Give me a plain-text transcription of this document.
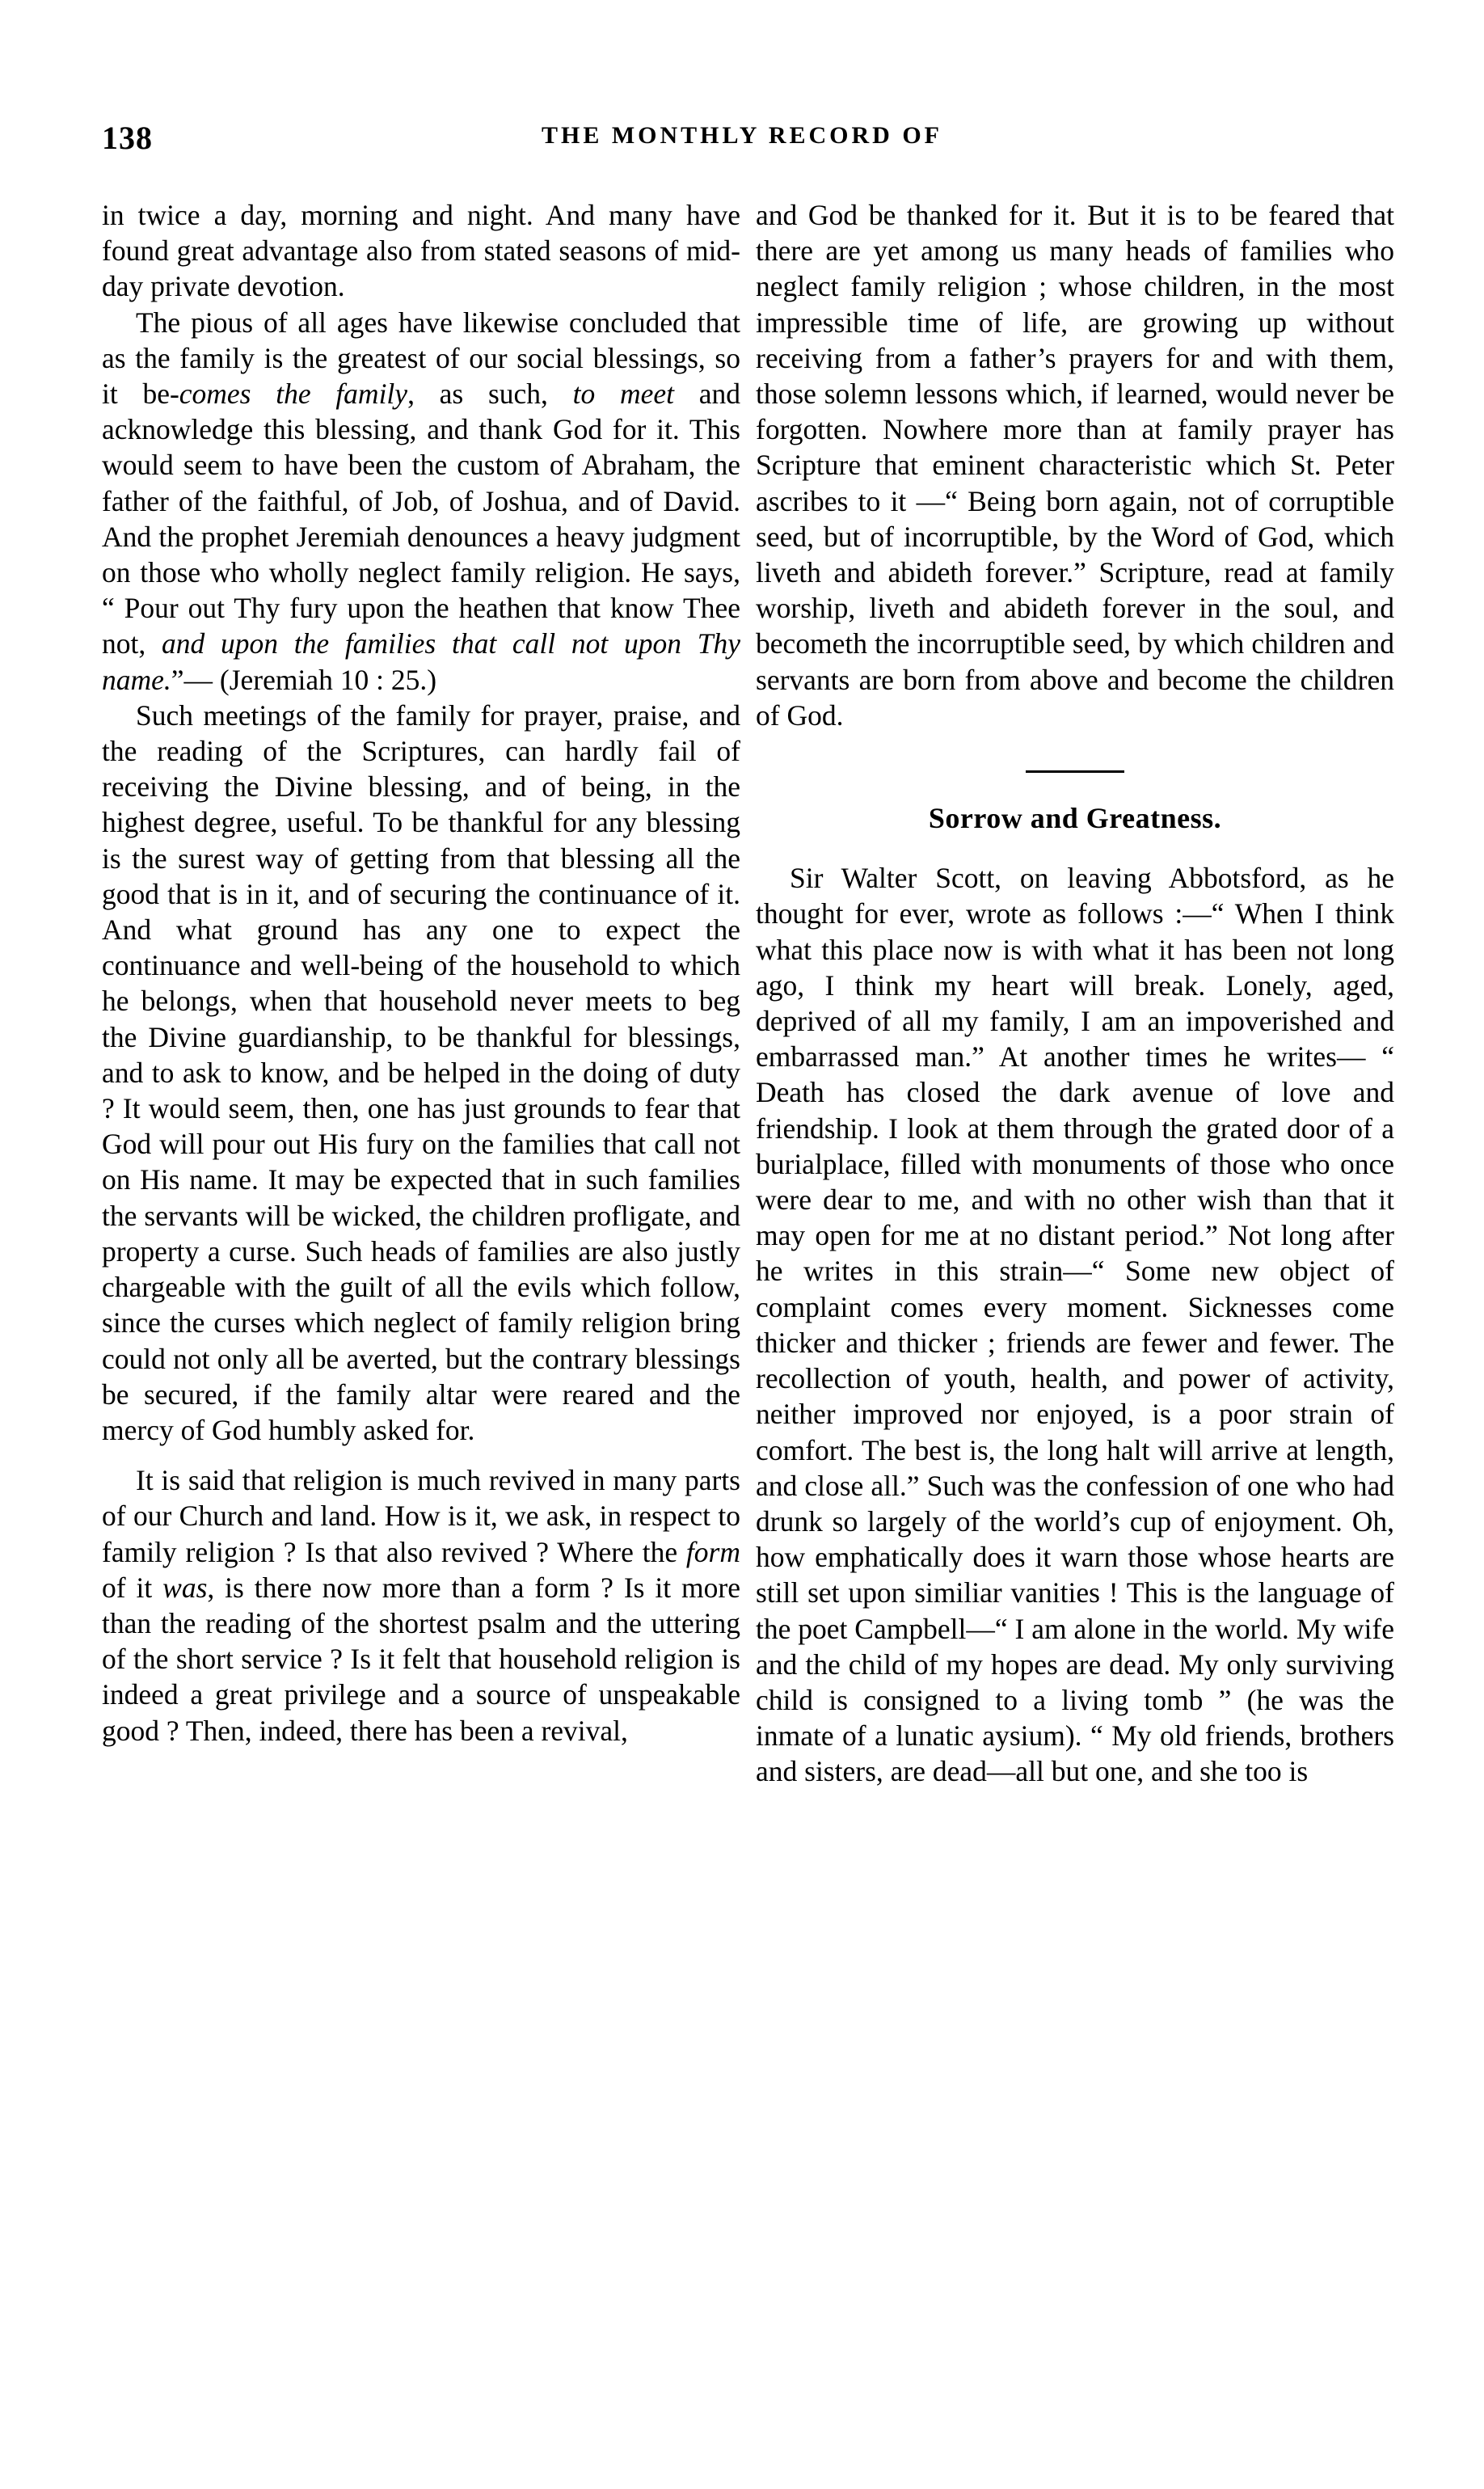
138	THE MONTHLY RECORD OF

in twice a day, morning and night. And many have found great advantage also from stated seasons of mid-day private devotion.

The pious of all ages have likewise concluded that as the family is the greatest of our social blessings, so it be-comes the family, as such, to meet and acknowledge this blessing, and thank God for it. This would seem to have been the custom of Abraham, the father of the faithful, of Job, of Joshua, and of David. And the prophet Jeremiah denounces a heavy judgment on those who wholly neglect family religion. He says, “ Pour out Thy fury upon the heathen that know Thee not, and upon the families that call not upon Thy name.”— (Jeremiah 10 : 25.)

Such meetings of the family for prayer, praise, and the reading of the Scriptures, can hardly fail of receiving the Divine blessing, and of being, in the highest degree, useful. To be thankful for any blessing is the surest way of getting from that blessing all the good that is in it, and of securing the continuance of it. And what ground has any one to expect the continuance and well-being of the household to which he belongs, when that household never meets to beg the Divine guardianship, to be thankful for blessings, and to ask to know, and be helped in the doing of duty ? It would seem, then, one has just grounds to fear that God will pour out His fury on the families that call not on His name. It may be expected that in such families the servants will be wicked, the children profligate, and property a curse. Such heads of families are also justly chargeable with the guilt of all the evils which follow, since the curses which neglect of family religion bring could not only all be averted, but the contrary blessings be secured, if the family altar were reared and the mercy of God humbly asked for.

It is said that religion is much revived in many parts of our Church and land. How is it, we ask, in respect to family religion ? Is that also revived ? Where the form of it was, is there now more than a form ? Is it more than the reading of the shortest psalm and the uttering of the short service ? Is it felt that household religion is indeed a great privilege and a source of unspeakable good ? Then, indeed, there has been a revival,

and God be thanked for it. But it is to be feared that there are yet among us many heads of families who neglect family religion ; whose children, in the most impressible time of life, are growing up without receiving from a father’s prayers for and with them, those solemn lessons which, if learned, would never be forgotten. Nowhere more than at family prayer has Scripture that eminent characteristic which St. Peter ascribes to it —“ Being born again, not of corruptible seed, but of incorruptible, by the Word of God, which liveth and abideth forever.” Scripture, read at family worship, liveth and abideth forever in the soul, and becometh the incorruptible seed, by which children and servants are born from above and become the children of God.

Sorrow and Greatness.

Sir Walter Scott, on leaving Abbotsford, as he thought for ever, wrote as follows :—“ When I think what this place now is with what it has been not long ago, I think my heart will break. Lonely, aged, deprived of all my family, I am an impoverished and embarrassed man.” At another times he writes— “ Death has closed the dark avenue of love and friendship. I look at them through the grated door of a burialplace, filled with monuments of those who once were dear to me, and with no other wish than that it may open for me at no distant period.” Not long after he writes in this strain—“ Some new object of complaint comes every moment. Sicknesses come thicker and thicker ; friends are fewer and fewer. The recollection of youth, health, and power of activity, neither improved nor enjoyed, is a poor strain of comfort. The best is, the long halt will arrive at length, and close all.” Such was the confession of one who had drunk so largely of the world’s cup of enjoyment. Oh, how emphatically does it warn those whose hearts are still set upon similiar vanities ! This is the language of the poet Campbell—“ I am alone in the world. My wife and the child of my hopes are dead. My only surviving child is consigned to a living tomb ” (he was the inmate of a lunatic aysium). “ My old friends, brothers and sisters, are dead—all but one, and she too is
